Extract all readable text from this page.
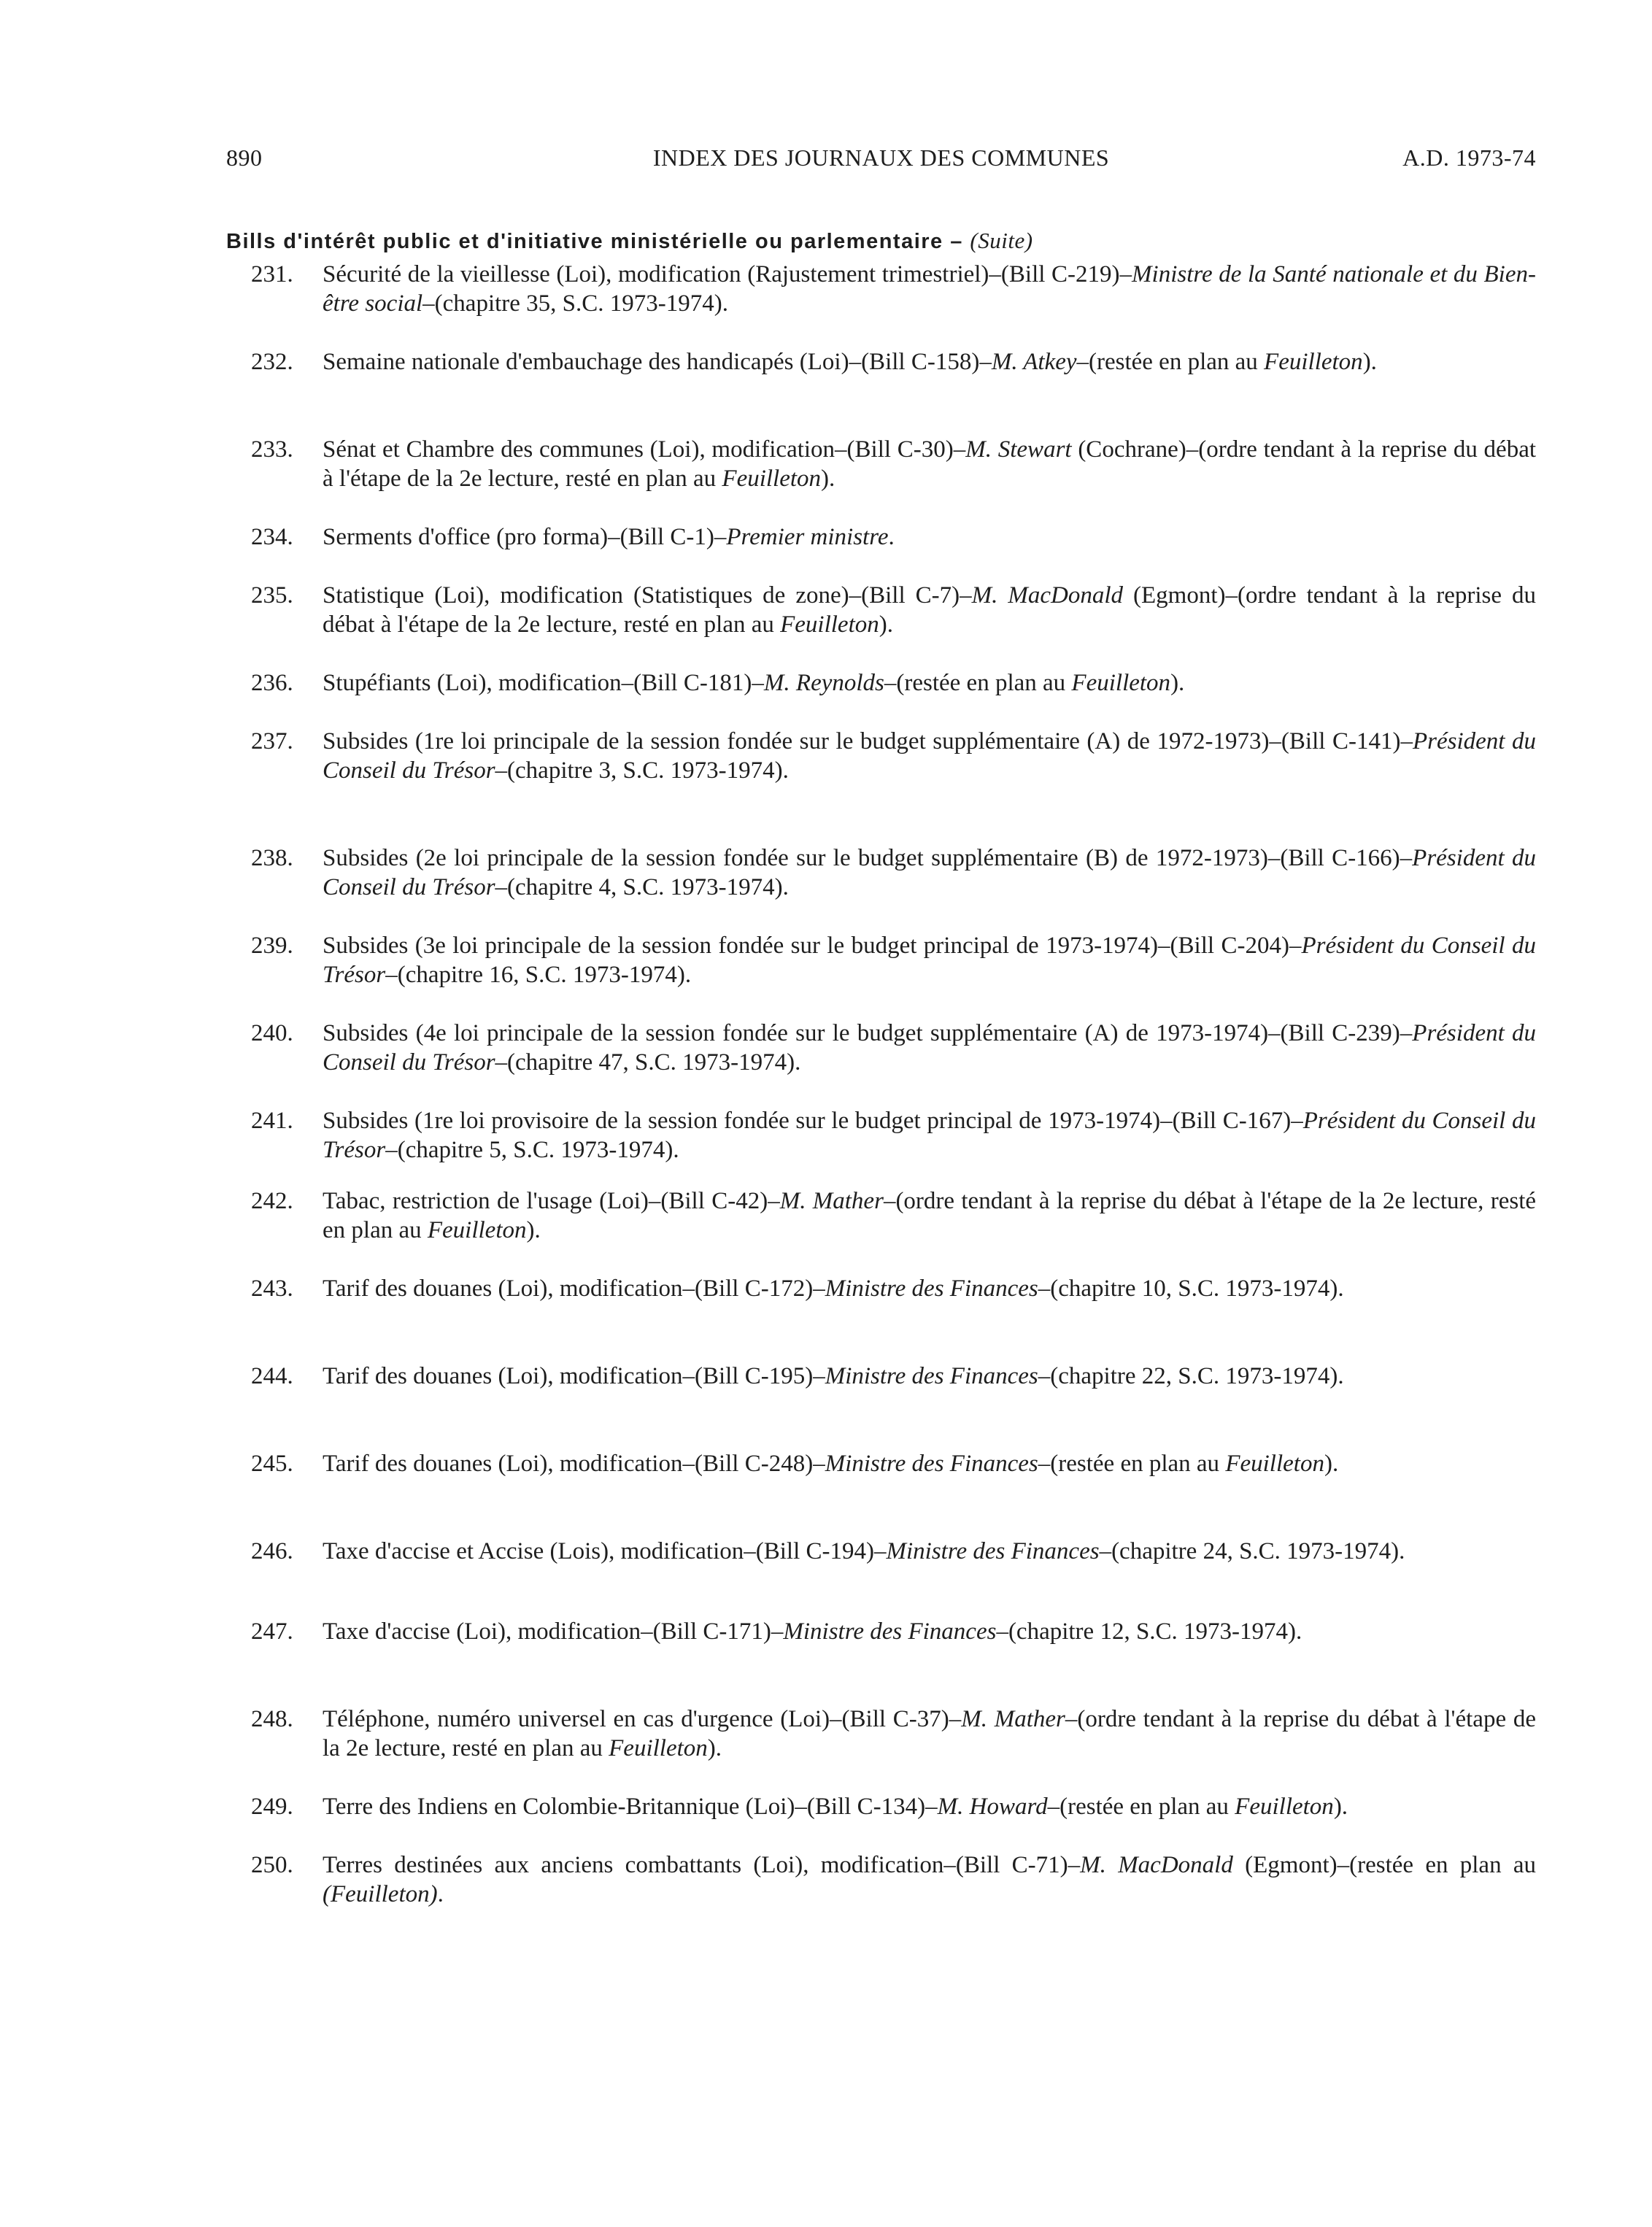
890	INDEX DES JOURNAUX DES COMMUNES	A.D. 1973-74
Bills d'intérêt public et d'initiative ministérielle ou parlementaire – (Suite)
231.	Sécurité de la vieillesse (Loi), modification (Rajustement trimestriel)–(Bill C-219)–Ministre de la Santé nationale et du Bien-être social–(chapitre 35, S.C. 1973-1974).
232.	Semaine nationale d'embauchage des handicapés (Loi)–(Bill C-158)–M. Atkey–(restée en plan au Feuilleton).
233.	Sénat et Chambre des communes (Loi), modification–(Bill C-30)–M. Stewart (Cochrane)–(ordre tendant à la reprise du débat à l'étape de la 2e lecture, resté en plan au Feuilleton).
234.	Serments d'office (pro forma)–(Bill C-1)–Premier ministre.
235.	Statistique (Loi), modification (Statistiques de zone)–(Bill C-7)–M. MacDonald (Egmont)–(ordre tendant à la reprise du débat à l'étape de la 2e lecture, resté en plan au Feuilleton).
236.	Stupéfiants (Loi), modification–(Bill C-181)–M. Reynolds–(restée en plan au Feuilleton).
237.	Subsides (1re loi principale de la session fondée sur le budget supplémentaire (A) de 1972-1973)–(Bill C-141)–Président du Conseil du Trésor–(chapitre 3, S.C. 1973-1974).
238.	Subsides (2e loi principale de la session fondée sur le budget supplémentaire (B) de 1972-1973)–(Bill C-166)–Président du Conseil du Trésor–(chapitre 4, S.C. 1973-1974).
239.	Subsides (3e loi principale de la session fondée sur le budget principal de 1973-1974)–(Bill C-204)–Président du Conseil du Trésor–(chapitre 16, S.C. 1973-1974).
240.	Subsides (4e loi principale de la session fondée sur le budget supplémentaire (A) de 1973-1974)–(Bill C-239)–Président du Conseil du Trésor–(chapitre 47, S.C. 1973-1974).
241.	Subsides (1re loi provisoire de la session fondée sur le budget principal de 1973-1974)–(Bill C-167)–Président du Conseil du Trésor–(chapitre 5, S.C. 1973-1974).
242.	Tabac, restriction de l'usage (Loi)–(Bill C-42)–M. Mather–(ordre tendant à la reprise du débat à l'étape de la 2e lecture, resté en plan au Feuilleton).
243.	Tarif des douanes (Loi), modification–(Bill C-172)–Ministre des Finances–(chapitre 10, S.C. 1973-1974).
244.	Tarif des douanes (Loi), modification–(Bill C-195)–Ministre des Finances–(chapitre 22, S.C. 1973-1974).
245.	Tarif des douanes (Loi), modification–(Bill C-248)–Ministre des Finances–(restée en plan au Feuilleton).
246.	Taxe d'accise et Accise (Lois), modification–(Bill C-194)–Ministre des Finances–(chapitre 24, S.C. 1973-1974).
247.	Taxe d'accise (Loi), modification–(Bill C-171)–Ministre des Finances–(chapitre 12, S.C. 1973-1974).
248.	Téléphone, numéro universel en cas d'urgence (Loi)–(Bill C-37)–M. Mather–(ordre tendant à la reprise du débat à l'étape de la 2e lecture, resté en plan au Feuilleton).
249.	Terre des Indiens en Colombie-Britannique (Loi)–(Bill C-134)–M. Howard–(restée en plan au Feuilleton).
250.	Terres destinées aux anciens combattants (Loi), modification–(Bill C-71)–M. MacDonald (Egmont)–(restée en plan au (Feuilleton).
